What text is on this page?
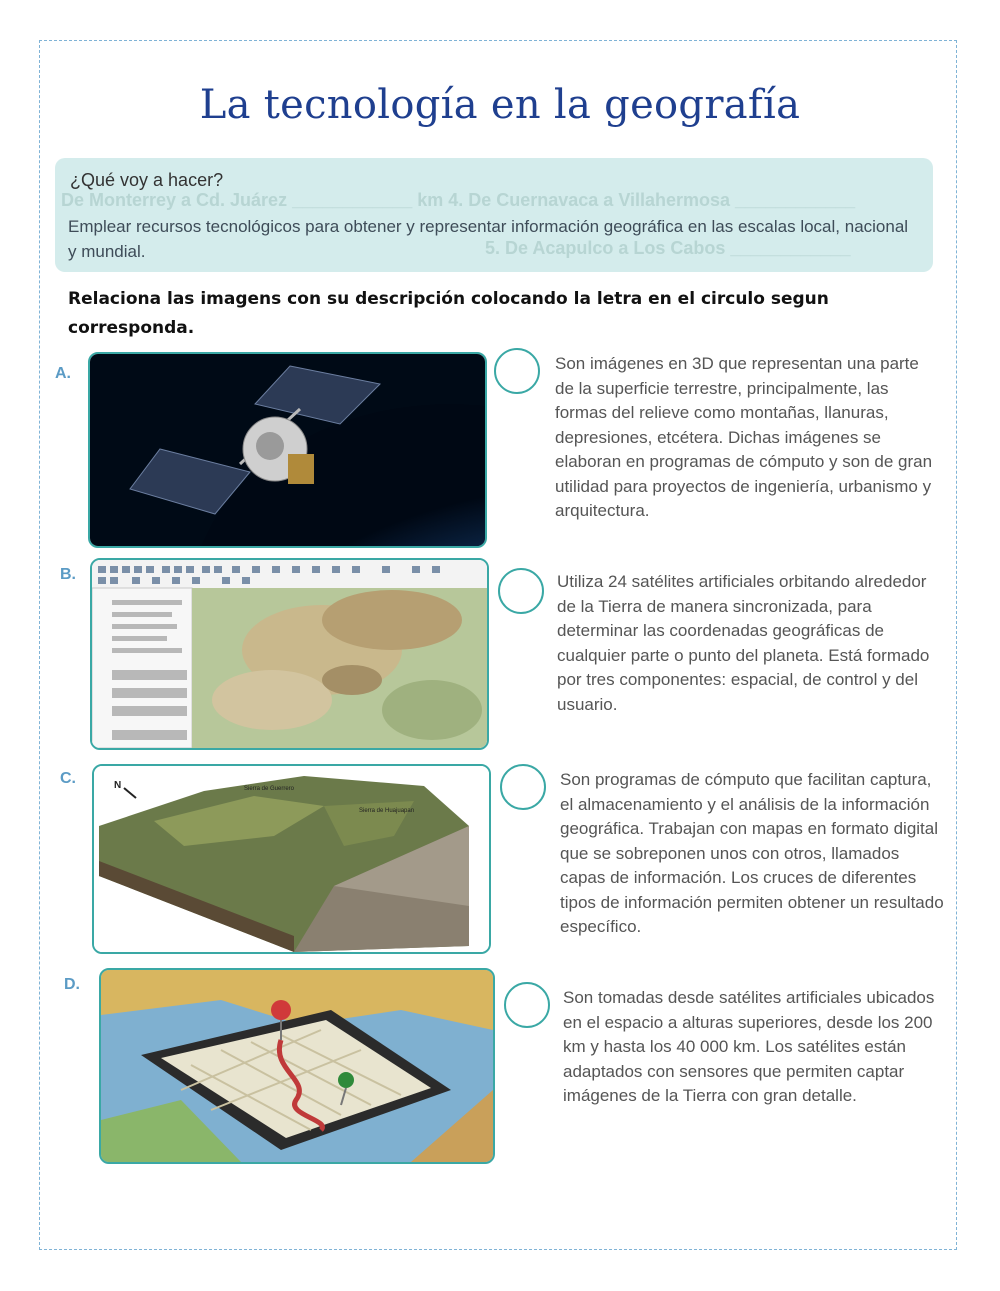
La tecnología en la geografía
De Monterrey a Cd. Juárez ____________ km 4. De Cuernavaca a Villahermosa ____________
5. De Acapulco a Los Cabos ____________
¿Qué voy a hacer?
Emplear recursos tecnológicos para obtener y representar información geográfica en las escalas local, nacional y mundial.
Relaciona las imagens con su descripción colocando la letra en el circulo segun corresponda.
A.
Son imágenes en 3D que representan una parte de la superficie terrestre, principalmente, las formas del relieve como montañas, llanuras, depresiones, etcétera. Dichas imágenes se elaboran en programas de cómputo y son de gran utilidad para proyectos de ingeniería, urbanismo y arquitectura.
B.	Utiliza 24 satélites artificiales orbitando alrededor de la Tierra de manera sincronizada, para determinar las coordenadas geográficas de cualquier parte o punto del planeta. Está formado por tres componentes: espacial, de control y del usuario.
C.	N	Sierra de Guerrero
Sierra de Huajuapan
Son programas de cómputo que facilitan captura, el almacenamiento y el análisis de la información geográfica. Trabajan con mapas en formato digital que se sobreponen unos con otros, llamados capas de información. Los cruces de diferentes tipos de información permiten obtener un resultado específico.
D.
Son tomadas desde satélites artificiales ubicados en el espacio a alturas superiores, desde los 200 km y hasta los 40 000 km. Los satélites están adaptados con sensores que permiten captar imágenes de la Tierra con gran detalle.
